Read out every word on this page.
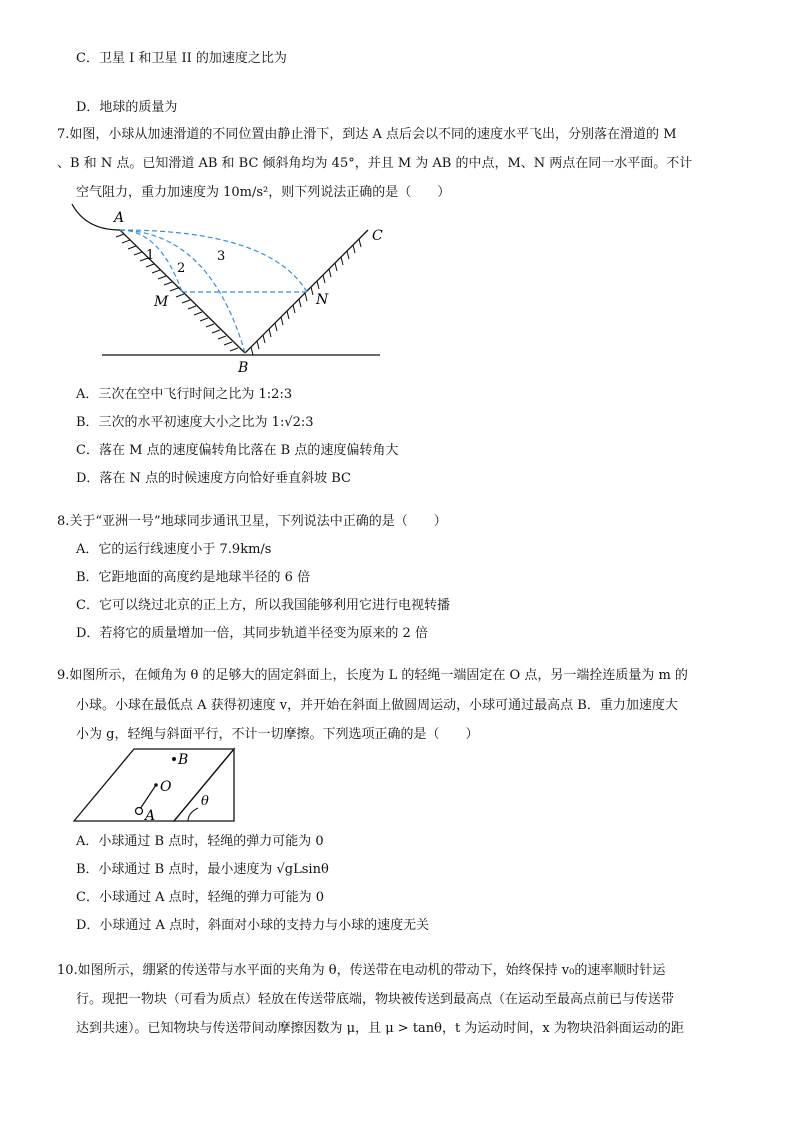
C．卫星 I 和卫星 II 的加速度之比为
D．地球的质量为
7.如图，小球从加速滑道的不同位置由静止滑下，到达 A 点后会以不同的速度水平飞出，分别落在滑道的 M
、B 和 N 点。已知滑道 AB 和 BC 倾斜角均为 45°，并且 M 为 AB 的中点，M、N 两点在同一水平面。不计
空气阻力，重力加速度为 10m/s²，则下列说法正确的是（　　）
A
B
C
M	N
1
2
3
A．三次在空中飞行时间之比为 1:2:3
B．三次的水平初速度大小之比为 1:√2:3
C．落在 M 点的速度偏转角比落在 B 点的速度偏转角大
D．落在 N 点的时候速度方向恰好垂直斜坡 BC
8.关于“亚洲一号”地球同步通讯卫星，下列说法中正确的是（　　）
A．它的运行线速度小于 7.9km/s
B．它距地面的高度约是地球半径的 6 倍
C．它可以绕过北京的正上方，所以我国能够利用它进行电视转播
D．若将它的质量增加一倍，其同步轨道半径变为原来的 2 倍
9.如图所示，在倾角为 θ 的足够大的固定斜面上，长度为 L 的轻绳一端固定在 O 点，另一端拴连质量为 m 的
小球。小球在最低点 A 获得初速度 v，并开始在斜面上做圆周运动，小球可通过最高点 B．重力加速度大
小为 g，轻绳与斜面平行，不计一切摩擦。下列选项正确的是（　　）
B
O
A
θ
A．小球通过 B 点时，轻绳的弹力可能为 0
B．小球通过 B 点时，最小速度为 √gLsinθ
C．小球通过 A 点时，轻绳的弹力可能为 0
D．小球通过 A 点时，斜面对小球的支持力与小球的速度无关
10.如图所示，绷紧的传送带与水平面的夹角为 θ，传送带在电动机的带动下，始终保持 v₀的速率顺时针运
行。现把一物块（可看为质点）轻放在传送带底端，物块被传送到最高点（在运动至最高点前已与传送带
达到共速）。已知物块与传送带间动摩擦因数为 μ，且 μ > tanθ，t 为运动时间，x 为物块沿斜面运动的距
